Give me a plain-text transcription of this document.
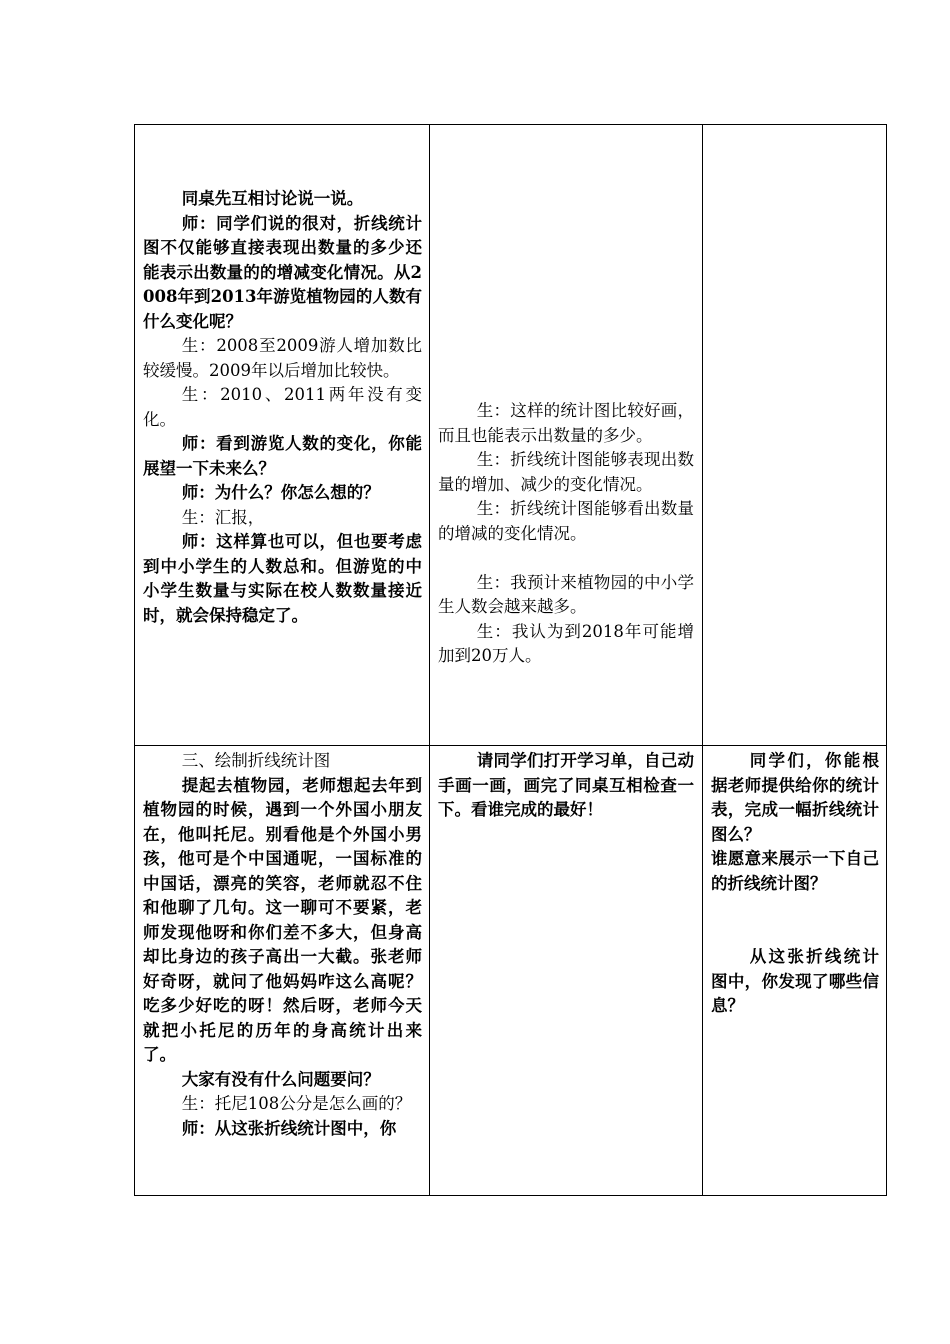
同桌先互相讨论说一说。

师：同学们说的很对，折线统计图不仅能够直接表现出数量的多少还能表示出数量的的增减变化情况。从2008年到2013年游览植物园的人数有什么变化呢？

生：2008至2009游人增加数比较缓慢。2009年以后增加比较快。

生：2010、2011两年没有变化。

师：看到游览人数的变化，你能展望一下未来么？

师：为什么？你怎么想的？

生：汇报，

师：这样算也可以，但也要考虑到中小学生的人数总和。但游览的中小学生数量与实际在校人数数量接近时，就会保持稳定了。

生：这样的统计图比较好画，而且也能表示出数量的多少。

生：折线统计图能够表现出数量的增加、减少的变化情况。

生：折线统计图能够看出数量的增减的变化情况。

生：我预计来植物园的中小学生人数会越来越多。

生：我认为到2018年可能增加到20万人。

三、绘制折线统计图

提起去植物园，老师想起去年到植物园的时候，遇到一个外国小朋友在，他叫托尼。别看他是个外国小男孩，他可是个中国通呢，一国标准的中国话，漂亮的笑容，老师就忍不住和他聊了几句。这一聊可不要紧，老师发现他呀和你们差不多大，但身高却比身边的孩子高出一大截。张老师好奇呀，就问了他妈妈咋这么高呢？吃多少好吃的呀！然后呀，老师今天就把小托尼的历年的身高统计出来了。

大家有没有什么问题要问？

生：托尼108公分是怎么画的？

师：从这张折线统计图中，你

请同学们打开学习单，自己动手画一画，画完了同桌互相检查一下。看谁完成的最好！

同学们，你能根据老师提供给你的统计表，完成一幅折线统计图么？

谁愿意来展示一下自己的折线统计图？

从这张折线统计图中，你发现了哪些信息？
